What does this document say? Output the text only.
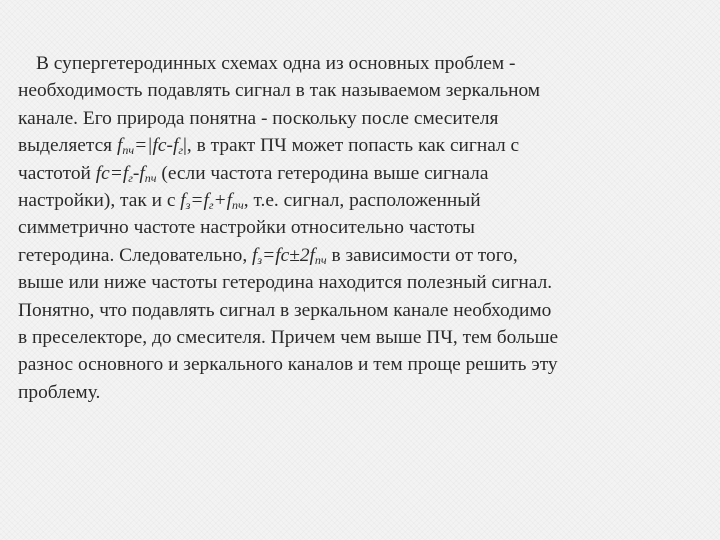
В супергетеродинных схемах одна из основных проблем -
необходимость подавлять сигнал в так называемом зеркальном
канале. Его природа понятна - поскольку после смесителя
выделяется $f_{пч}=|fc-f_г|$, в тракт ПЧ может попасть как сигнал с
частотой $fc=f_г-f_{пч}$ (если частота гетеродина выше сигнала
настройки), так и с $f_з=f_г+f_{пч}$, т.е. сигнал, расположенный
симметрично частоте настройки относительно частоты
гетеродина. Следовательно, $f_з=fc\pm 2f_{пч}$ в зависимости от того,
выше или ниже частоты гетеродина находится полезный сигнал.
Понятно, что подавлять сигнал в зеркальном канале необходимо
в преселекторе, до смесителя. Причем чем выше ПЧ, тем больше
разнос основного и зеркального каналов и тем проще решить эту
проблему.
